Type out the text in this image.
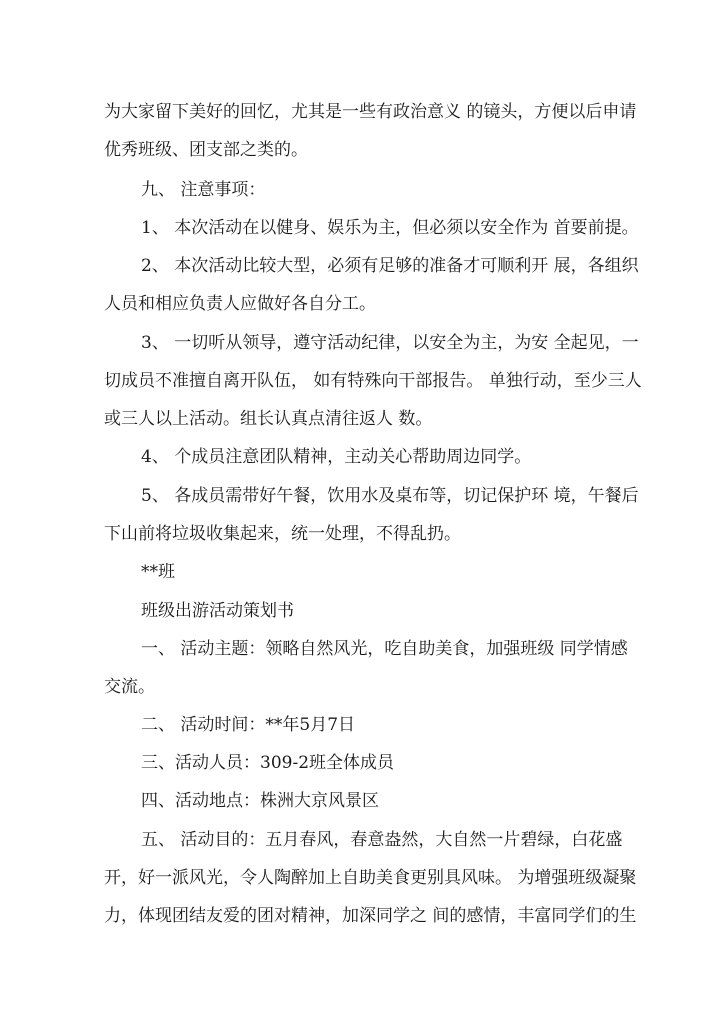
为大家留下美好的回忆，尤其是一些有政治意义 的镜头，方便以后申请
优秀班级、团支部之类的。
九、 注意事项：
1、 本次活动在以健身、娱乐为主，但必须以安全作为 首要前提。
2、 本次活动比较大型，必须有足够的准备才可顺利开 展，各组织
人员和相应负责人应做好各自分工。
3、 一切听从领导，遵守活动纪律，以安全为主，为安 全起见，一
切成员不准擅自离开队伍， 如有特殊向干部报告。 单独行动，至少三人
或三人以上活动。组长认真点清往返人 数。
4、 个成员注意团队精神，主动关心帮助周边同学。
5、 各成员需带好午餐，饮用水及桌布等，切记保护环 境，午餐后
下山前将垃圾收集起来，统一处理，不得乱扔。
**班
班级出游活动策划书
一、 活动主题：领略自然风光，吃自助美食，加强班级 同学情感
交流。
二、 活动时间：**年5月7日
三、活动人员：309-2班全体成员
四、活动地点：株洲大京风景区
五、 活动目的：五月春风，春意盎然，大自然一片碧绿，白花盛
开，好一派风光，令人陶醉加上自助美食更别具风味。 为增强班级凝聚
力，体现团结友爱的团对精神，加深同学之 间的感情，丰富同学们的生
